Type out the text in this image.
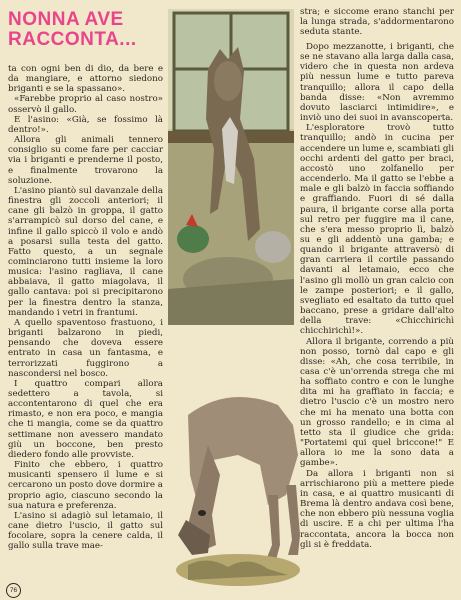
NONNA AVE
RACCONTA...

ta con ogni ben di dio, da bere e da mangiare, e attorno siedono briganti e se la spassano».

«Farebbe proprio al caso nostro» osservò il gallo.

E l'asino: «Già, se fossimo là dentro!».

Allora gli animali tennero consiglio su come fare per cacciar via i briganti e prenderne il posto, e finalmente trovarono la soluzione.

L'asino piantò sul davanzale della finestra gli zoccoli anteriori; il cane gli balzò in groppa, il gatto s'arrampicò sul dorso del cane, e infine il gallo spiccò il volo e andò a posarsi sulla testa del gatto. Fatto questo, a un segnale cominciarono tutti insieme la loro musica: l'asino ragliava, il cane abbaiava, il gatto miagolava, il gallo cantava: poi si precipitarono per la finestra dentro la stanza, mandando i vetri in frantumi.

A quello spaventoso frastuono, i briganti balzarono in piedi, pensando che doveva essere entrato in casa un fantasma, e terrorizzati fuggirono a nascondersi nel bosco.

I quattro compari allora sedettero a tavola, si accontentarono di quel che era rimasto, e non era poco, e mangia che ti mangia, come se da quattro settimane non avessero mandato giù un boccone, ben presto diedero fondo alle provviste.

Finito che ebbero, i quattro musicanti spensero il lume e si cercarono un posto dove dormire a proprio agio, ciascuno secondo la sua natura e preferenza.

L'asino si adagiò sul letamaio, il cane dietro l'uscio, il gatto sul focolare, sopra la cenere calda, il gallo sulla trave mae-

stra; e siccome erano stanchi per la lunga strada, s'addormentarono seduta stante.

Dopo mezzanotte, i briganti, che se ne stavano alla larga dalla casa, videro che in questa non ardeva più nessun lume e tutto pareva tranquillo; allora il capo della banda disse: «Non avremmo dovuto lasciarci intimidire», e inviò uno dei suoi in avanscoperta.

L'esploratore trovò tutto tranquillo; andò in cucina per accendere un lume e, scambiati gli occhi ardenti del gatto per braci, accostò uno zolfanello per accenderlo. Ma il gatto se l'ebbe a male e gli balzò in faccia soffiando e graffiando. Fuori di sé dalla paura, il brigante corse alla porta sul retro per fuggire ma il cane, che s'era messo proprio lì, balzò su e gli addentò una gamba; e quando il brigante attraversò di gran carriera il cortile passando davanti al letamaio, ecco che l'asino gli mollò un gran calcio con le zampe posteriori; e il gallo, svegliato ed esaltato da tutto quel baccano, prese a gridare dall'alto della trave: «Chicchirichì chicchirichì!».

Allora il brigante, correndo a più non posso, tornò dal capo e gli disse: «Ah, che cosa terribile, in casa c'è un'orrenda strega che mi ha soffiato contro e con le lunghe dita mi ha graffiato in faccia; e dietro l'uscio c'è un mostro nero che mi ha menato una botta con un grosso randello; e in cima al tetto sta il giudice che grida: "Portatemi qui quel briccone!" E allora io me la sono data a gambe».

Da allora i briganti non si arrischiarono più a mettere piede in casa, e ai quattro musicanti di Brema là dentro andava così bene, che non ebbero più nessuna voglia di uscire. E a chi per ultima l'ha raccontata, ancora la bocca non gli si è freddata.

76
